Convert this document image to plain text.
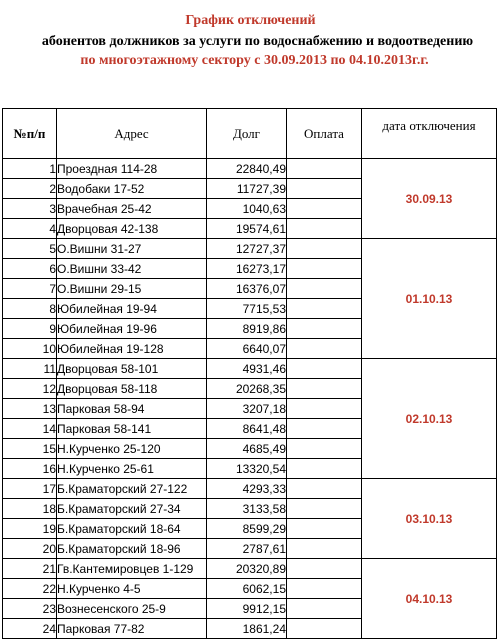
График отключений
абонентов должников за услуги по водоснабжению и водоотведению
по многоэтажному сектору с 30.09.2013 по 04.10.2013г.г.
№п/п	Адрес	Долг	Оплата	дата отключения
1	Проездная 114-28	22840,49		30.09.13
2	Водобаки 17-52	11727,39		
3	Врачебная 25-42	1040,63		
4	Дворцовая 42-138	19574,61		
5	О.Вишни 31-27	12727,37		01.10.13
6	О.Вишни 33-42	16273,17		
7	О.Вишни 29-15	16376,07		
8	Юбилейная 19-94	7715,53		
9	Юбилейная 19-96	8919,86		
10	Юбилейная 19-128	6640,07		
11	Дворцовая 58-101	4931,46		02.10.13
12	Дворцовая 58-118	20268,35		
13	Парковая 58-94	3207,18		
14	Парковая 58-141	8641,48		
15	Н.Курченко 25-120	4685,49		
16	Н.Курченко 25-61	13320,54		
17	Б.Краматорский 27-122	4293,33		03.10.13
18	Б.Краматорский 27-34	3133,58		
19	Б.Краматорский 18-64	8599,29		
20	Б.Краматорский 18-96	2787,61		
21	Гв.Кантемировцев 1-129	20320,89		04.10.13
22	Н.Курченко 4-5	6062,15		
23	Вознесенского 25-9	9912,15		
24	Парковая 77-82	1861,24		
